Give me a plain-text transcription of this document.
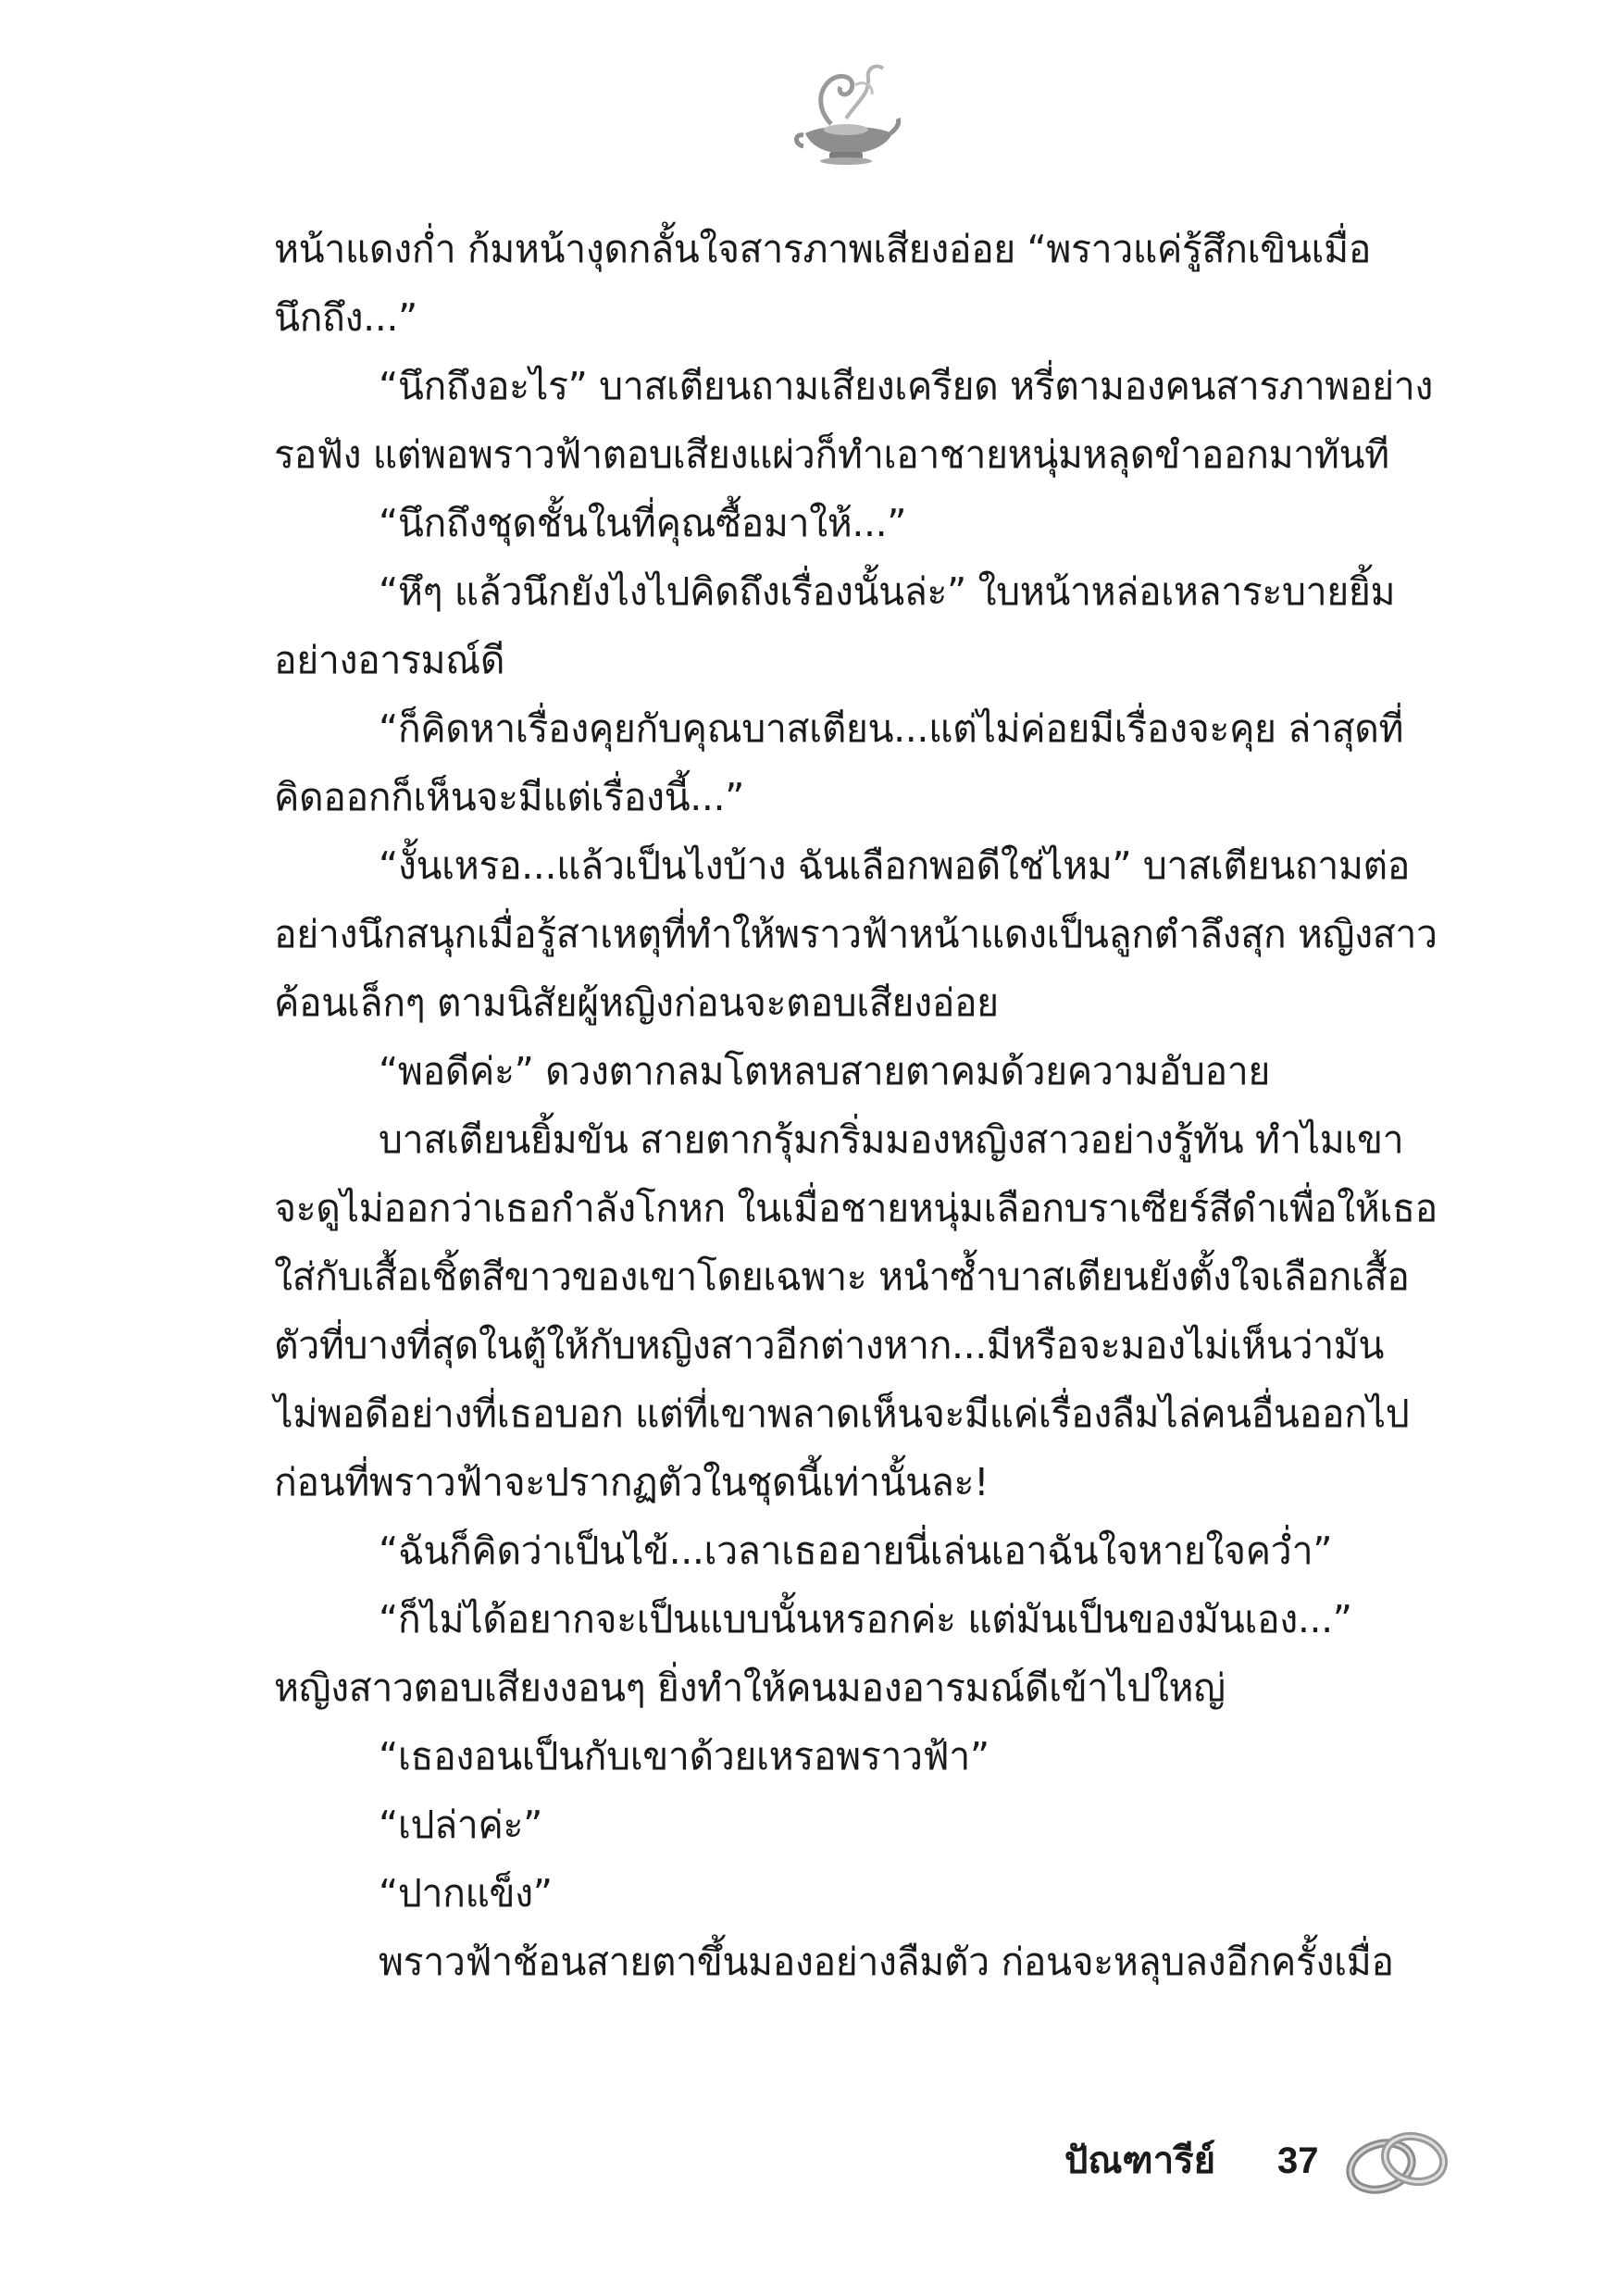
หน้าแดงก่ำ ก้มหน้างุดกลั้นใจสารภาพเสียงอ่อย “พราวแค่รู้สึกเขินเมื่อ
นึกถึง...”
“นึกถึงอะไร” บาสเตียนถามเสียงเครียด หรี่ตามองคนสารภาพอย่าง
รอฟัง แต่พอพราวฟ้าตอบเสียงแผ่วก็ทำเอาชายหนุ่มหลุดขำออกมาทันที
“นึกถึงชุดชั้นในที่คุณซื้อมาให้...”
“หึๆ แล้วนึกยังไงไปคิดถึงเรื่องนั้นล่ะ” ใบหน้าหล่อเหลาระบายยิ้ม
อย่างอารมณ์ดี
“ก็คิดหาเรื่องคุยกับคุณบาสเตียน...แต่ไม่ค่อยมีเรื่องจะคุย ล่าสุดที่
คิดออกก็เห็นจะมีแต่เรื่องนี้...”
“งั้นเหรอ...แล้วเป็นไงบ้าง ฉันเลือกพอดีใช่ไหม” บาสเตียนถามต่อ
อย่างนึกสนุกเมื่อรู้สาเหตุที่ทำให้พราวฟ้าหน้าแดงเป็นลูกตำลึงสุก หญิงสาว
ค้อนเล็กๆ ตามนิสัยผู้หญิงก่อนจะตอบเสียงอ่อย
“พอดีค่ะ” ดวงตากลมโตหลบสายตาคมด้วยความอับอาย
บาสเตียนยิ้มขัน สายตากรุ้มกริ่มมองหญิงสาวอย่างรู้ทัน ทำไมเขา
จะดูไม่ออกว่าเธอกำลังโกหก ในเมื่อชายหนุ่มเลือกบราเซียร์สีดำเพื่อให้เธอ
ใส่กับเสื้อเชิ้ตสีขาวของเขาโดยเฉพาะ หนำซ้ำบาสเตียนยังตั้งใจเลือกเสื้อ
ตัวที่บางที่สุดในตู้ให้กับหญิงสาวอีกต่างหาก...มีหรือจะมองไม่เห็นว่ามัน
ไม่พอดีอย่างที่เธอบอก แต่ที่เขาพลาดเห็นจะมีแค่เรื่องลืมไล่คนอื่นออกไป
ก่อนที่พราวฟ้าจะปรากฏตัวในชุดนี้เท่านั้นละ!
“ฉันก็คิดว่าเป็นไข้...เวลาเธออายนี่เล่นเอาฉันใจหายใจคว่ำ”
“ก็ไม่ได้อยากจะเป็นแบบนั้นหรอกค่ะ แต่มันเป็นของมันเอง...”
หญิงสาวตอบเสียงงอนๆ ยิ่งทำให้คนมองอารมณ์ดีเข้าไปใหญ่
“เธองอนเป็นกับเขาด้วยเหรอพราวฟ้า”
“เปล่าค่ะ”
“ปากแข็ง”
พราวฟ้าช้อนสายตาขึ้นมองอย่างลืมตัว ก่อนจะหลุบลงอีกครั้งเมื่อ
ปัณฑารีย์ 37
